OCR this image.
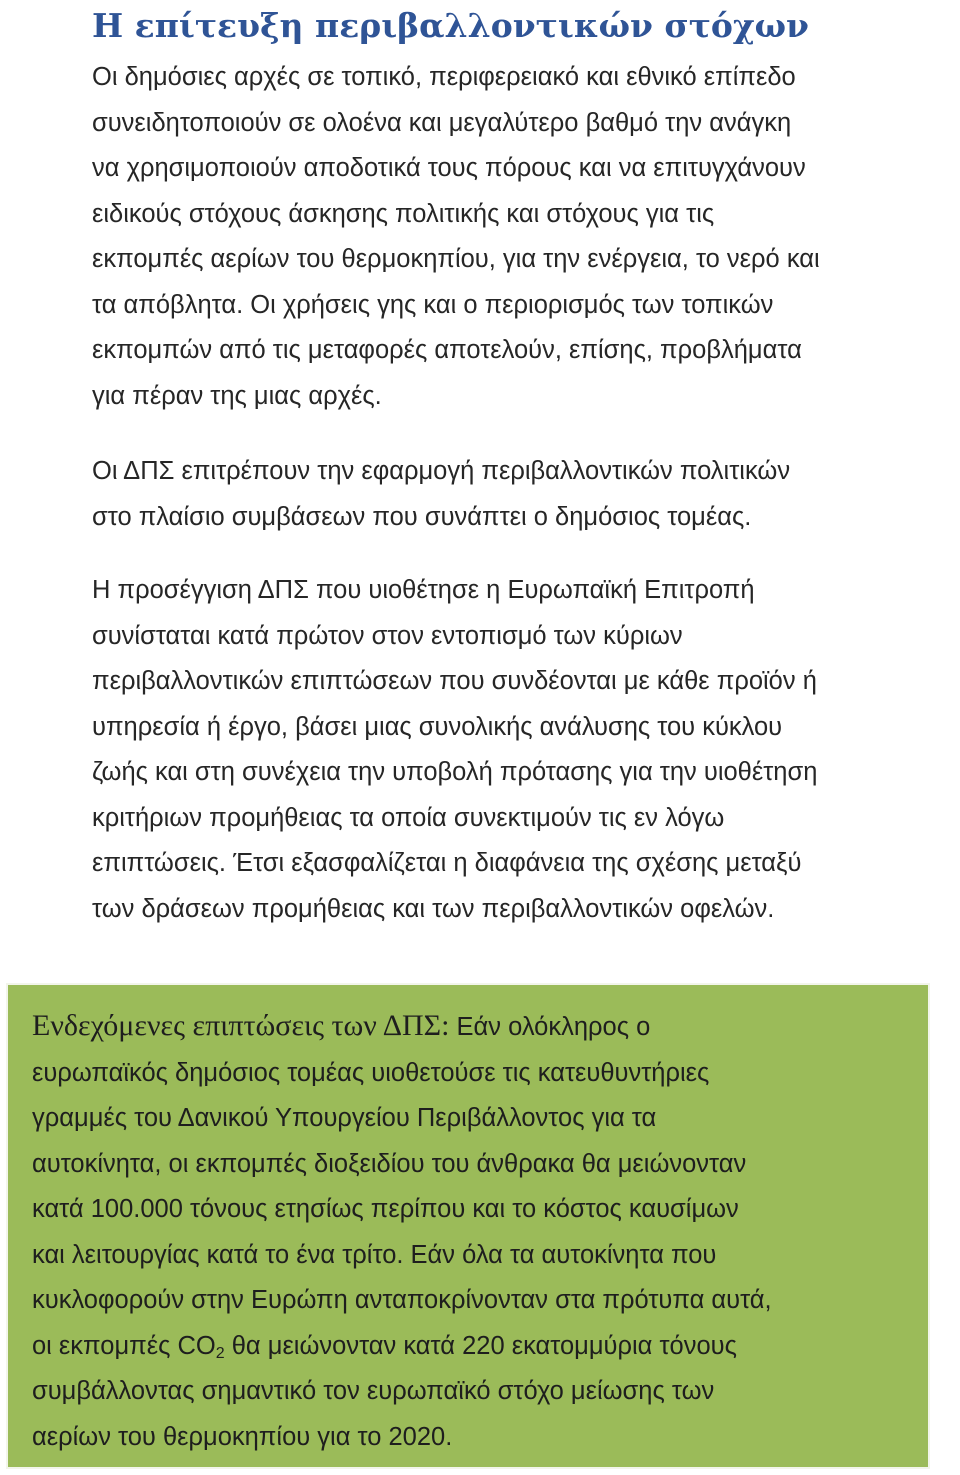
Η επίτευξη περιβαλλοντικών στόχων

Οι δημόσιες αρχές σε τοπικό, περιφερειακό και εθνικό επίπεδο
συνειδητοποιούν σε ολοένα και μεγαλύτερο βαθμό την ανάγκη
να χρησιμοποιούν αποδοτικά τους πόρους και να επιτυγχάνουν
ειδικούς στόχους άσκησης πολιτικής και στόχους για τις
εκπομπές αερίων του θερμοκηπίου, για την ενέργεια, το νερό και
τα απόβλητα. Οι χρήσεις γης και ο περιορισμός των τοπικών
εκπομπών από τις μεταφορές αποτελούν, επίσης, προβλήματα
για πέραν της μιας αρχές.

Οι ΔΠΣ επιτρέπουν την εφαρμογή περιβαλλοντικών πολιτικών
στο πλαίσιο συμβάσεων που συνάπτει ο δημόσιος τομέας.

Η προσέγγιση ΔΠΣ που υιοθέτησε η Ευρωπαϊκή Επιτροπή
συνίσταται κατά πρώτον στον εντοπισμό των κύριων
περιβαλλοντικών επιπτώσεων που συνδέονται με κάθε προϊόν ή
υπηρεσία ή έργο, βάσει μιας συνολικής ανάλυσης του κύκλου
ζωής και στη συνέχεια την υποβολή πρότασης για την υιοθέτηση
κριτήριων προμήθειας τα οποία συνεκτιμούν τις εν λόγω
επιπτώσεις. Έτσι εξασφαλίζεται η διαφάνεια της σχέσης μεταξύ
των δράσεων προμήθειας και των περιβαλλοντικών οφελών.

Ενδεχόμενες επιπτώσεις των ΔΠΣ: Εάν ολόκληρος ο
ευρωπαϊκός δημόσιος τομέας υιοθετούσε τις κατευθυντήριες
γραμμές του Δανικού Υπουργείου Περιβάλλοντος για τα
αυτοκίνητα, οι εκπομπές διοξειδίου του άνθρακα θα μειώνονταν
κατά 100.000 τόνους ετησίως περίπου και το κόστος καυσίμων
και λειτουργίας κατά το ένα τρίτο. Εάν όλα τα αυτοκίνητα που
κυκλοφορούν στην Ευρώπη ανταποκρίνονταν στα πρότυπα αυτά,
οι εκπομπές $CO_2$ θα μειώνονταν κατά 220 εκατομμύρια τόνους
συμβάλλοντας σημαντικό τον ευρωπαϊκό στόχο μείωσης των
αερίων του θερμοκηπίου για το 2020.
